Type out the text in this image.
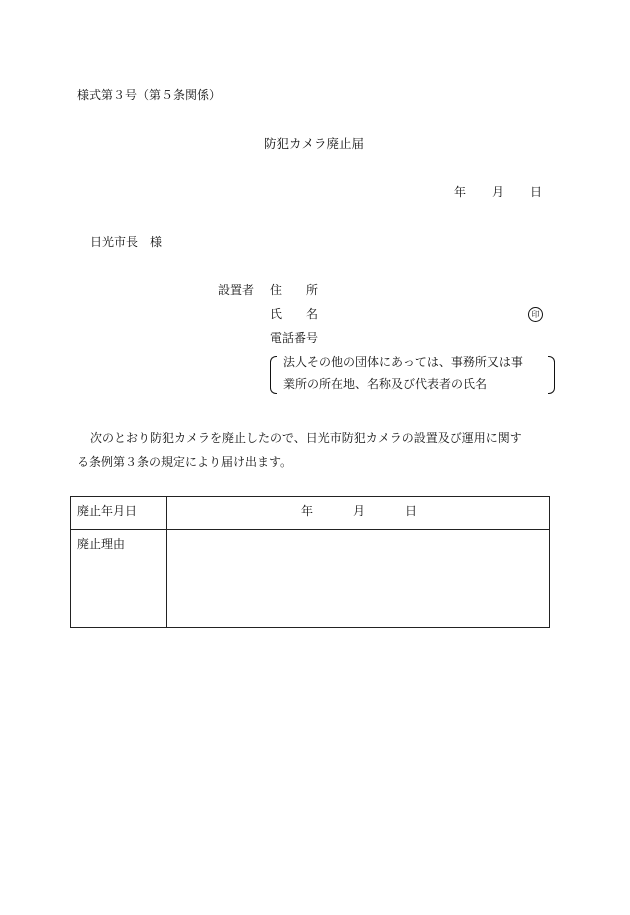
様式第３号（第５条関係）
防犯カメラ廃止届
年 月 日
日光市長　様
設置者 住　　所
氏　　名	印
電話番号
法人その他の団体にあっては、事務所又は事
業所の所在地、名称及び代表者の氏名
次のとおり防犯カメラを廃止したので、日光市防犯カメラの設置及び運用に関す
る条例第３条の規定により届け出ます。
廃止年月日	年 月 日

廃止理由	
